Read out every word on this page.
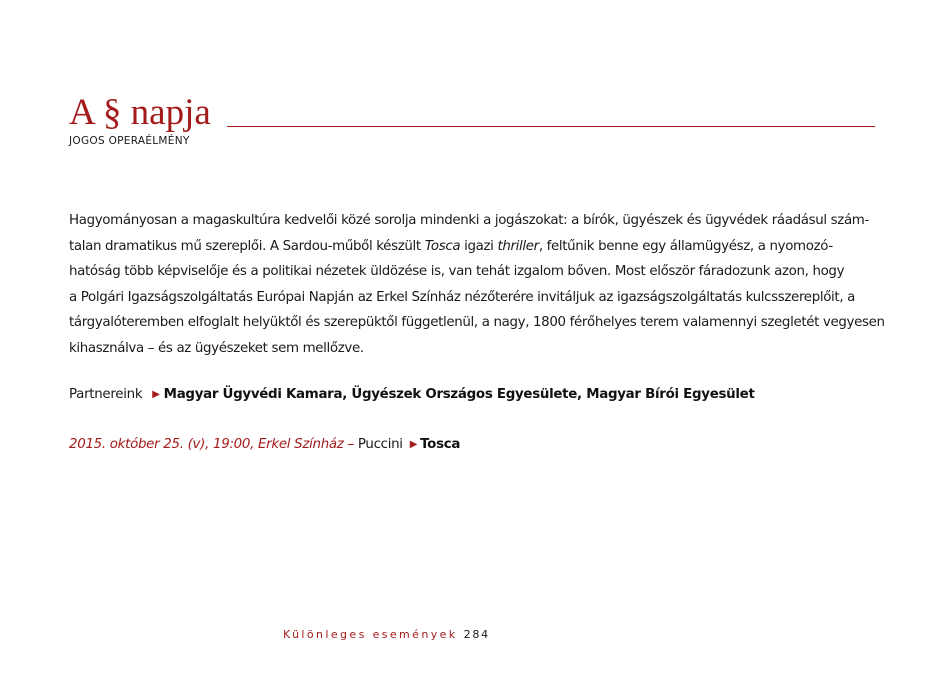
A § napja
JOGOS OPERAÉLMÉNY
Hagyományosan a magaskultúra kedvelői közé sorolja mindenki a jogászokat: a bírók, ügyészek és ügyvédek ráadásul szám-
talan dramatikus mű szereplői. A Sardou-műből készült Tosca igazi thriller, feltűnik benne egy államügyész, a nyomozó-
hatóság több képviselője és a politikai nézetek üldözése is, van tehát izgalom bőven. Most először fáradozunk azon, hogy
a Polgári Igazságszolgáltatás Európai Napján az Erkel Színház nézőterére invitáljuk az igazságszolgáltatás kulcsszereplőit, a
tárgyalóteremben elfoglalt helyüktől és szerepüktől függetlenül, a nagy, 1800 férőhelyes terem valamennyi szegletét vegyesen
kihasználva – és az ügyészeket sem mellőzve.
Partnereink ▶ Magyar Ügyvédi Kamara, Ügyészek Országos Egyesülete, Magyar Bírói Egyesület
2015. október 25. (v), 19:00, Erkel Színház – Puccini ▶ Tosca
Különleges események 284
